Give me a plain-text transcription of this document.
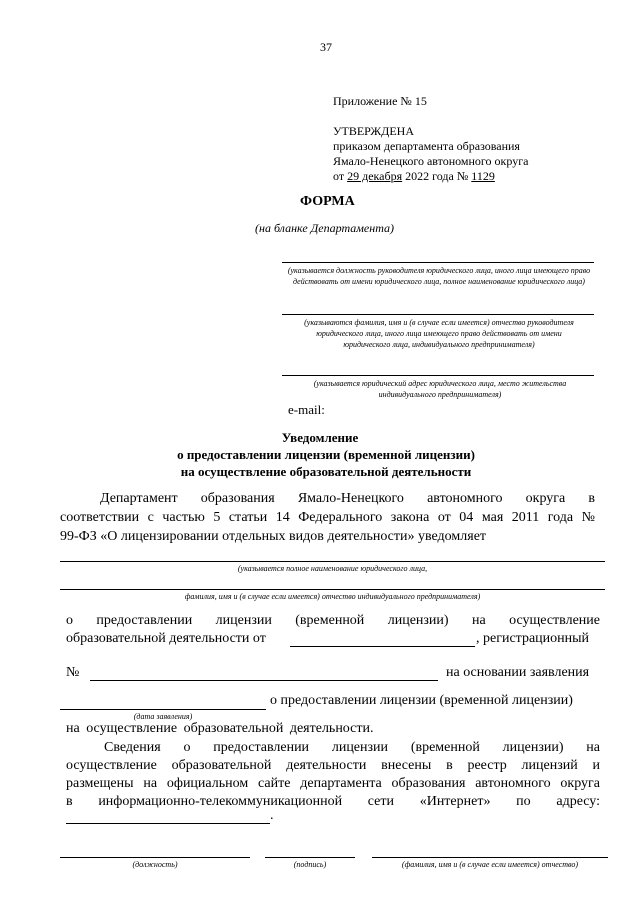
37
Приложение № 15
УТВЕРЖДЕНА
приказом департамента образования
Ямало-Ненецкого автономного округа
от 29 декабря 2022 года № 1129
ФОРМА
(на бланке Департамента)
(указывается должность руководителя юридического лица, иного лица имеющего право действовать от имени юридического лица, полное наименование юридического лица)
(указываются фамилия, имя и (в случае если имеется) отчество руководителя юридического лица, иного лица имеющего право действовать от имени юридического лица, индивидуального предпринимателя)
(указывается юридический адрес юридического лица, место жительства индивидуального предпринимателя)
e-mail:
Уведомление
о предоставлении лицензии (временной лицензии)
на осуществление образовательной деятельности
Департамент образования Ямало-Ненецкого автономного округа в
соответствии с частью 5 статьи 14 Федерального закона от 04 мая 2011 года №
99-ФЗ «О лицензировании отдельных видов деятельности» уведомляет
(указывается полное наименование юридического лица,
фамилия, имя и (в случае если имеется) отчество индивидуального предпринимателя)
о предоставлении лицензии (временной лицензии) на осуществление
образовательной деятельности от	, регистрационный
№	на основании заявления
о предоставлении лицензии (временной лицензии)
(дата заявления)
на осуществление образовательной деятельности.
Сведения о предоставлении лицензии (временной лицензии) на
осуществление образовательной деятельности внесены в реестр лицензий и
размещены на официальном сайте департамента образования автономного округа
в информационно-телекоммуникационной сети «Интернет» по адресу:
.
(должность)	(подпись)	(фамилия, имя и (в случае если имеется) отчество)
